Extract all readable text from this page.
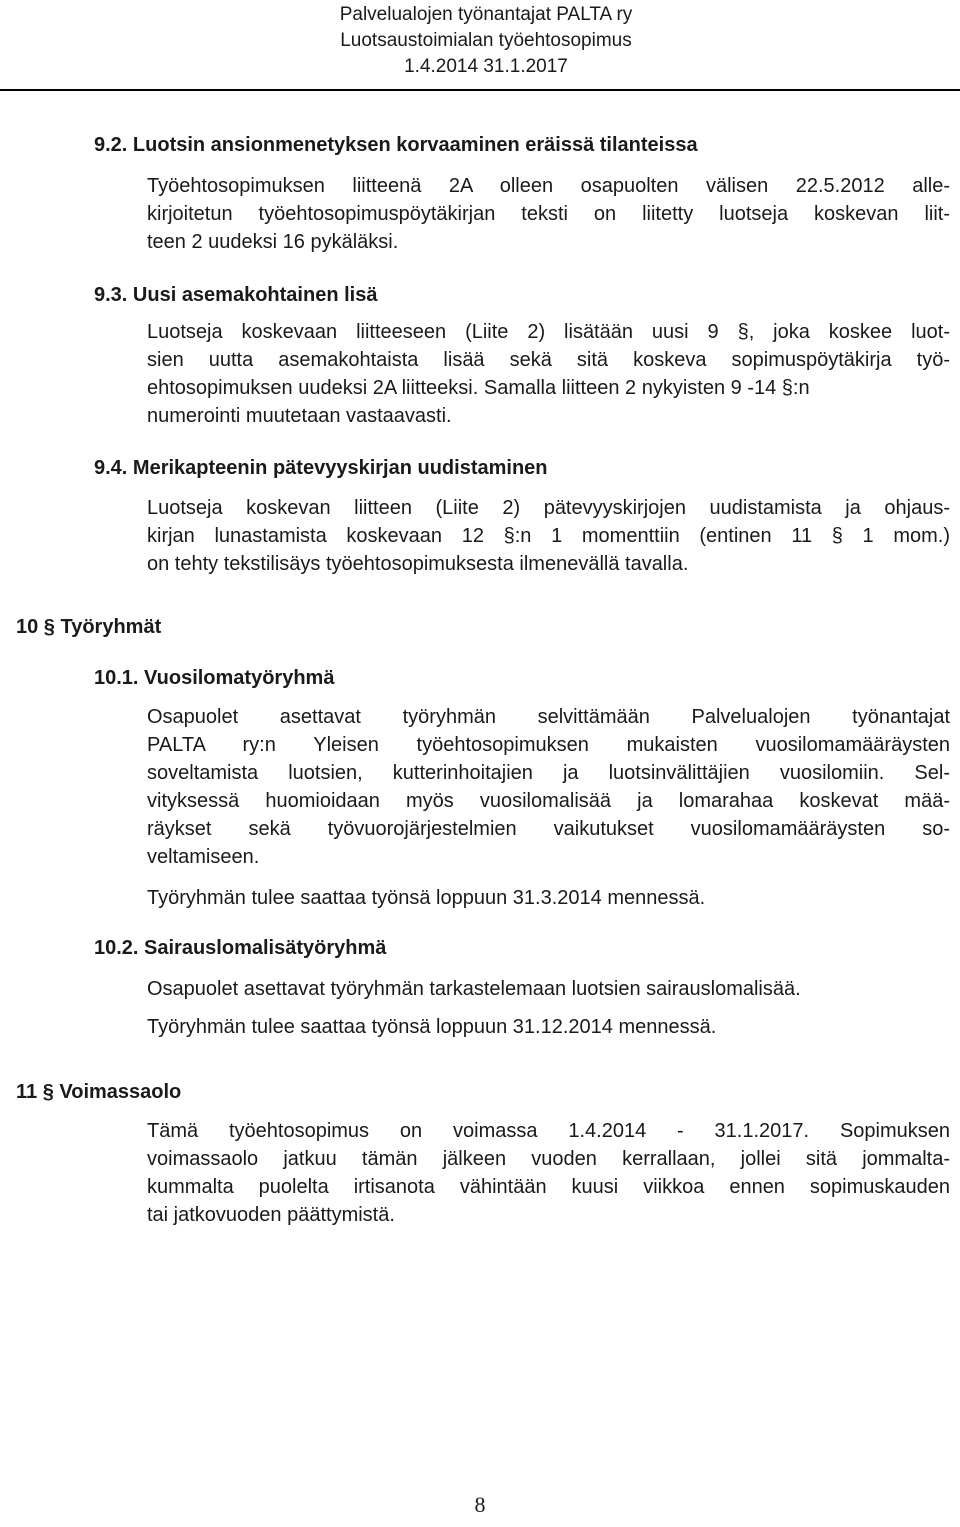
Palvelualojen työnantajat PALTA ry
Luotsaustoimialan työehtosopimus
1.4.2014 31.1.2017
9.2. Luotsin ansionmenetyksen korvaaminen eräissä tilanteissa
Työehtosopimuksen liitteenä 2A olleen osapuolten välisen 22.5.2012 alle-
kirjoitetun työehtosopimuspöytäkirjan teksti on liitetty luotseja koskevan liit-
teen 2 uudeksi 16 pykäläksi.
9.3. Uusi asemakohtainen lisä
Luotseja koskevaan liitteeseen (Liite 2) lisätään uusi 9 §, joka koskee luot-
sien uutta asemakohtaista lisää sekä sitä koskeva sopimuspöytäkirja työ-
ehtosopimuksen uudeksi 2A liitteeksi. Samalla liitteen 2 nykyisten 9 -14 §:n
numerointi muutetaan vastaavasti.
9.4. Merikapteenin pätevyyskirjan uudistaminen
Luotseja koskevan liitteen (Liite 2) pätevyyskirjojen uudistamista ja ohjaus-
kirjan lunastamista koskevaan 12 §:n 1 momenttiin (entinen 11 § 1 mom.)
on tehty tekstilisäys työehtosopimuksesta ilmenevällä tavalla.
10 § Työryhmät
10.1. Vuosilomatyöryhmä
Osapuolet asettavat työryhmän selvittämään Palvelualojen työnantajat
PALTA ry:n Yleisen työehtosopimuksen mukaisten vuosilomamääräysten
soveltamista luotsien, kutterinhoitajien ja luotsinvälittäjien vuosilomiin. Sel-
vityksessä huomioidaan myös vuosilomalisää ja lomarahaa koskevat mää-
räykset sekä työvuorojärjestelmien vaikutukset vuosilomamääräysten so-
veltamiseen.
Työryhmän tulee saattaa työnsä loppuun 31.3.2014 mennessä.
10.2. Sairauslomalisätyöryhmä
Osapuolet asettavat työryhmän tarkastelemaan luotsien sairauslomalisää.
Työryhmän tulee saattaa työnsä loppuun 31.12.2014 mennessä.
11 § Voimassaolo
Tämä työehtosopimus on voimassa 1.4.2014 - 31.1.2017. Sopimuksen
voimassaolo jatkuu tämän jälkeen vuoden kerrallaan, jollei sitä jommalta-
kummalta puolelta irtisanota vähintään kuusi viikkoa ennen sopimuskauden
tai jatkovuoden päättymistä.
8
